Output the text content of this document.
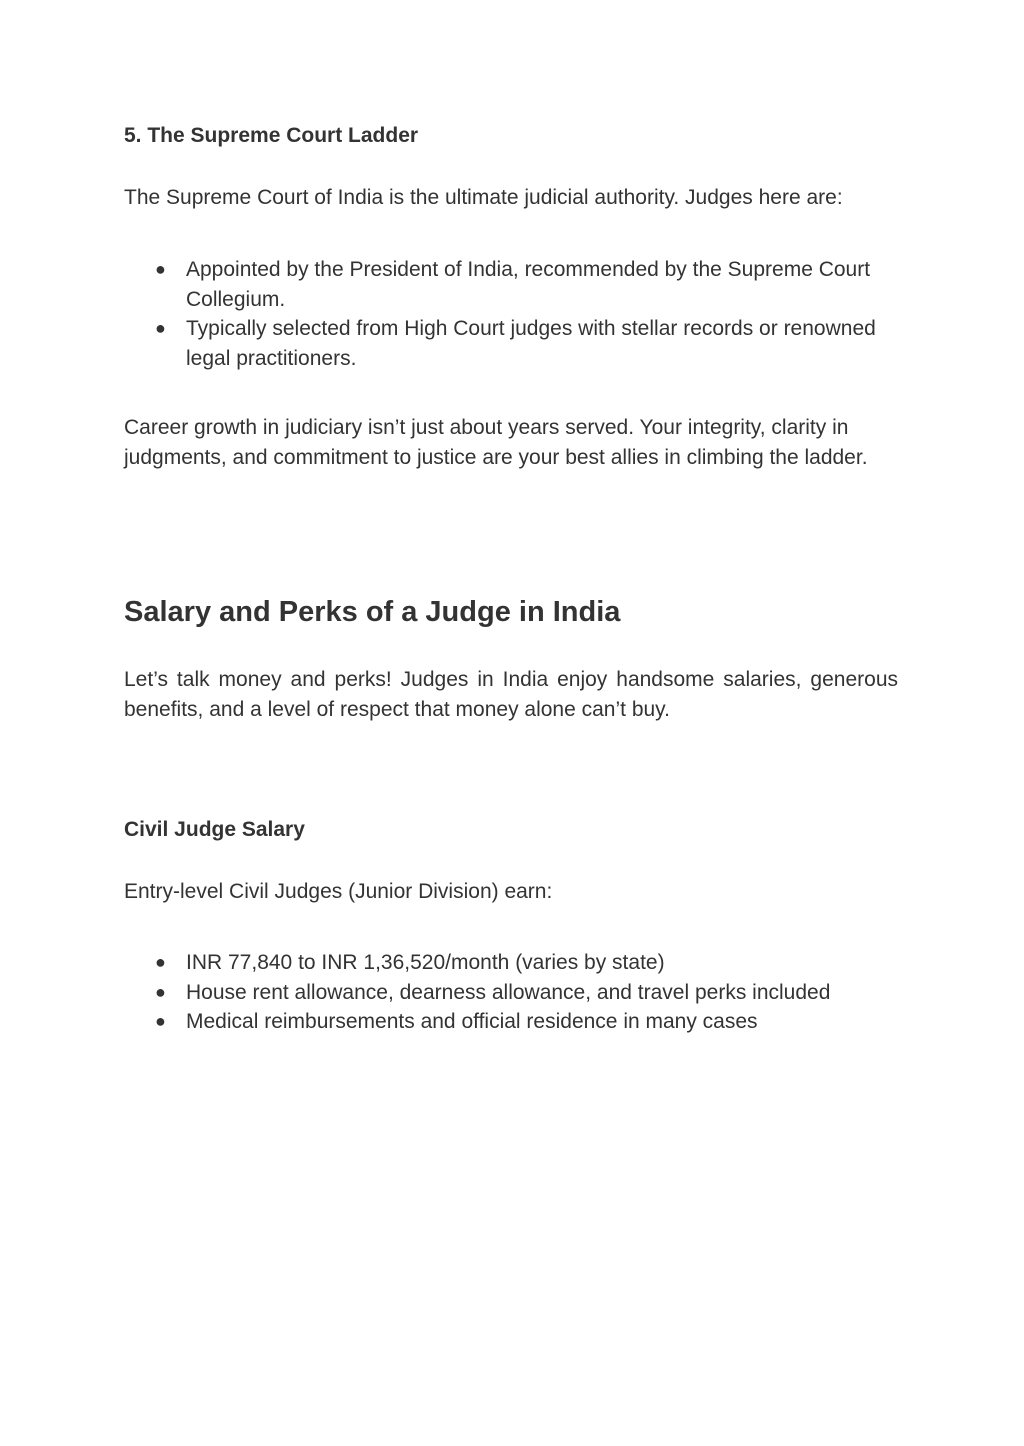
5. The Supreme Court Ladder

The Supreme Court of India is the ultimate judicial authority. Judges here are:

● Appointed by the President of India, recommended by the Supreme Court Collegium.
● Typically selected from High Court judges with stellar records or renowned legal practitioners.

Career growth in judiciary isn’t just about years served. Your integrity, clarity in judgments, and commitment to justice are your best allies in climbing the ladder.

Salary and Perks of a Judge in India

Let’s talk money and perks! Judges in India enjoy handsome salaries, generous benefits, and a level of respect that money alone can’t buy.

Civil Judge Salary

Entry-level Civil Judges (Junior Division) earn:

● INR 77,840 to INR 1,36,520/month (varies by state)
● House rent allowance, dearness allowance, and travel perks included
● Medical reimbursements and official residence in many cases
